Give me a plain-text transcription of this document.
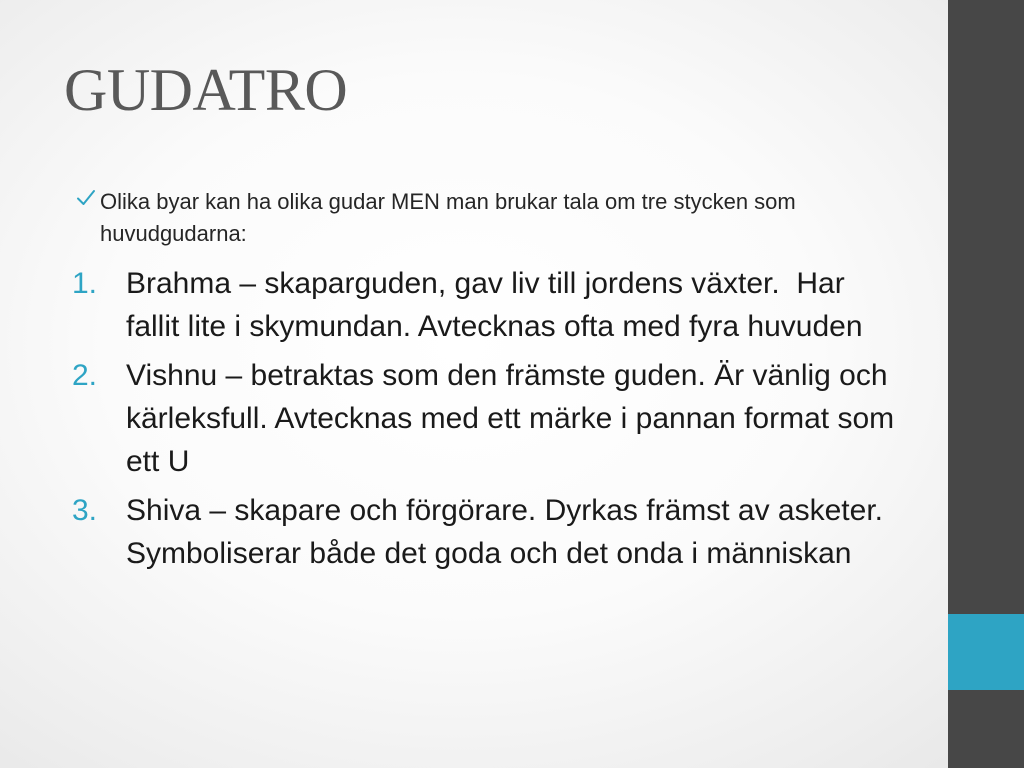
GUDATRO
Olika byar kan ha olika gudar MEN man brukar tala om tre stycken som huvudgudarna:
1. Brahma – skaparguden, gav liv till jordens växter.  Har fallit lite i skymundan. Avtecknas ofta med fyra huvuden
2. Vishnu – betraktas som den främste guden. Är vänlig och kärleksfull. Avtecknas med ett märke i pannan format som ett U
3. Shiva – skapare och förgörare. Dyrkas främst av asketer. Symboliserar både det goda och det onda i människan
